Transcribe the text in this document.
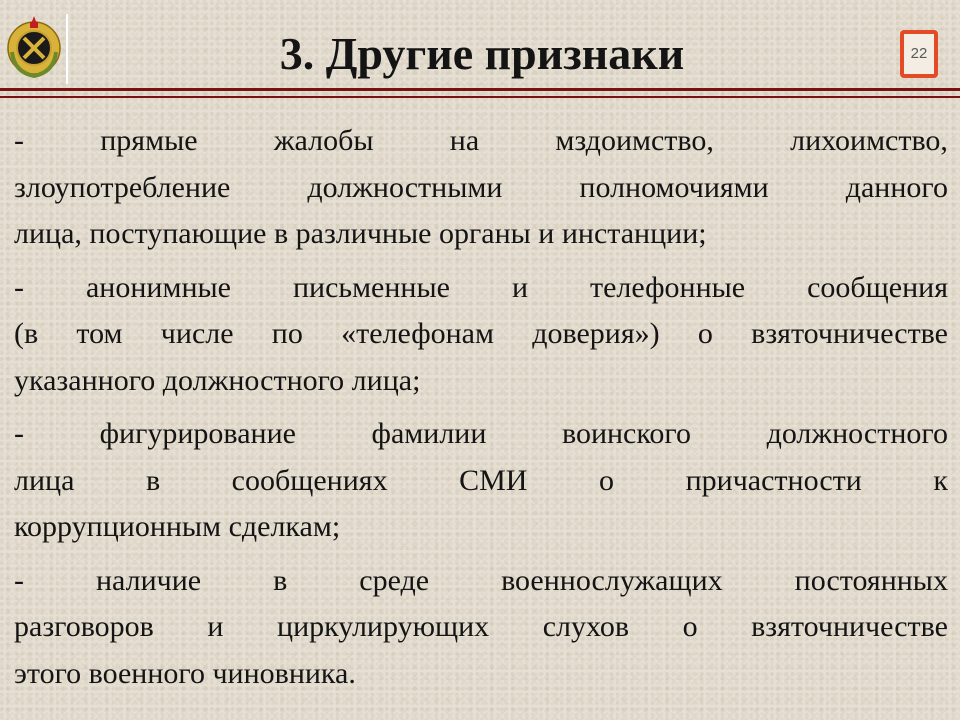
3. Другие признаки	22
-	прямые	жалобы	на	мздоимство,	лихоимство,
злоупотребление	должностными	полномочиями	данного
лица, поступающие в различные органы и инстанции;
- анонимные письменные и телефонные сообщения
(в том числе по «телефонам доверия») о взяточничестве
указанного должностного лица;
-	фигурирование	фамилии	воинского	должностного
лица в сообщениях СМИ о причастности к
коррупционным сделкам;
- наличие в среде военнослужащих постоянных
разговоров и циркулирующих слухов о взяточничестве
этого военного чиновника.
